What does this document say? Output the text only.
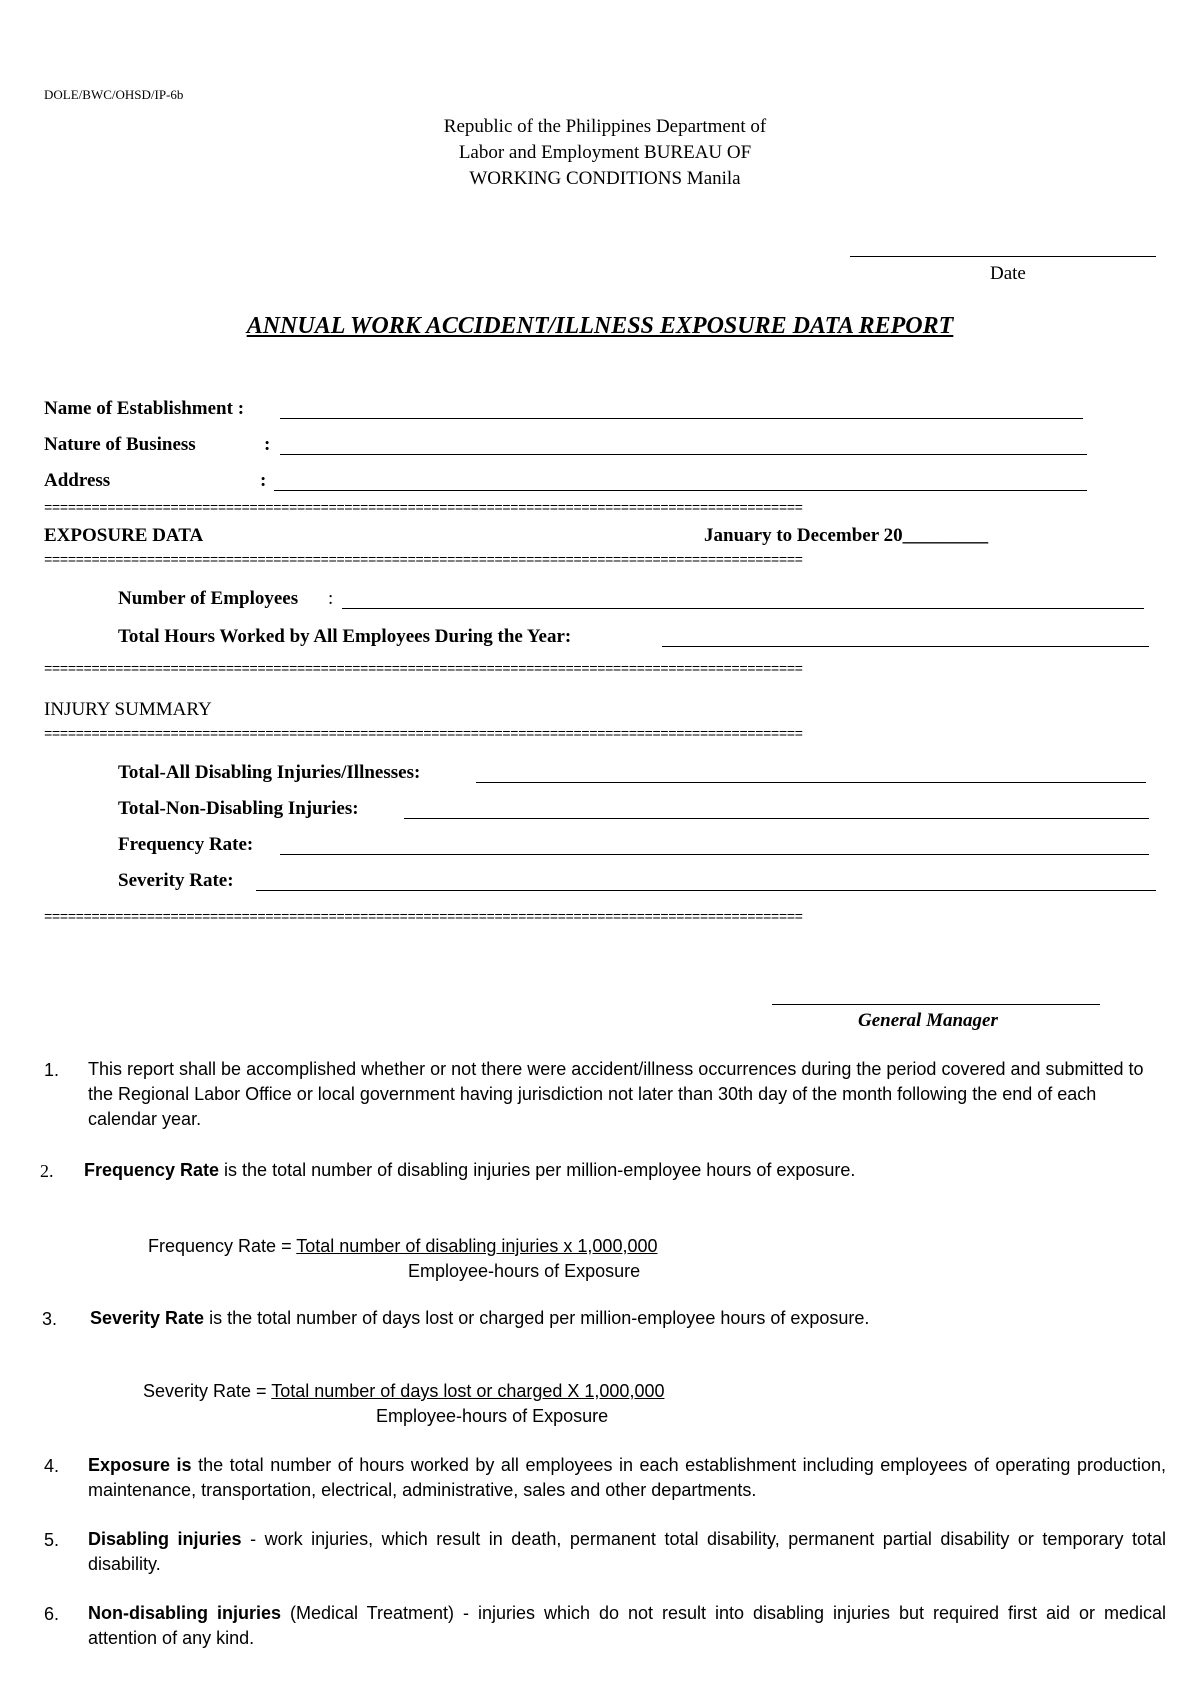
DOLE/BWC/OHSD/IP-6b
Republic of the Philippines Department of
Labor and Employment BUREAU OF
WORKING CONDITIONS Manila
Date
ANNUAL WORK ACCIDENT/ILLNESS EXPOSURE DATA REPORT
Name of Establishment :
Nature of Business	:
Address	:
================================================================================================
EXPOSURE DATA	January to December 20_________
================================================================================================
Number of Employees :
Total Hours Worked by All Employees During the Year:
================================================================================================
INJURY SUMMARY
================================================================================================
Total-All Disabling Injuries/Illnesses:
Total-Non-Disabling Injuries:
Frequency Rate:
Severity Rate:
================================================================================================
General Manager
1. This report shall be accomplished whether or not there were accident/illness occurrences during the period covered and submitted to the Regional Labor Office or local government having jurisdiction not later than 30th day of the month following the end of each calendar year.
2. Frequency Rate is the total number of disabling injuries per million-employee hours of exposure.
Frequency Rate = Total number of disabling injuries x 1,000,000
Employee-hours of Exposure
3. Severity Rate is the total number of days lost or charged per million-employee hours of exposure.
Severity Rate = Total number of days lost or charged X 1,000,000
Employee-hours of Exposure
4. Exposure is the total number of hours worked by all employees in each establishment including employees of operating production, maintenance, transportation, electrical, administrative, sales and other departments.
5. Disabling injuries - work injuries, which result in death, permanent total disability, permanent partial disability or temporary total disability.
6. Non-disabling injuries (Medical Treatment) - injuries which do not result into disabling injuries but required first aid or medical attention of any kind.
